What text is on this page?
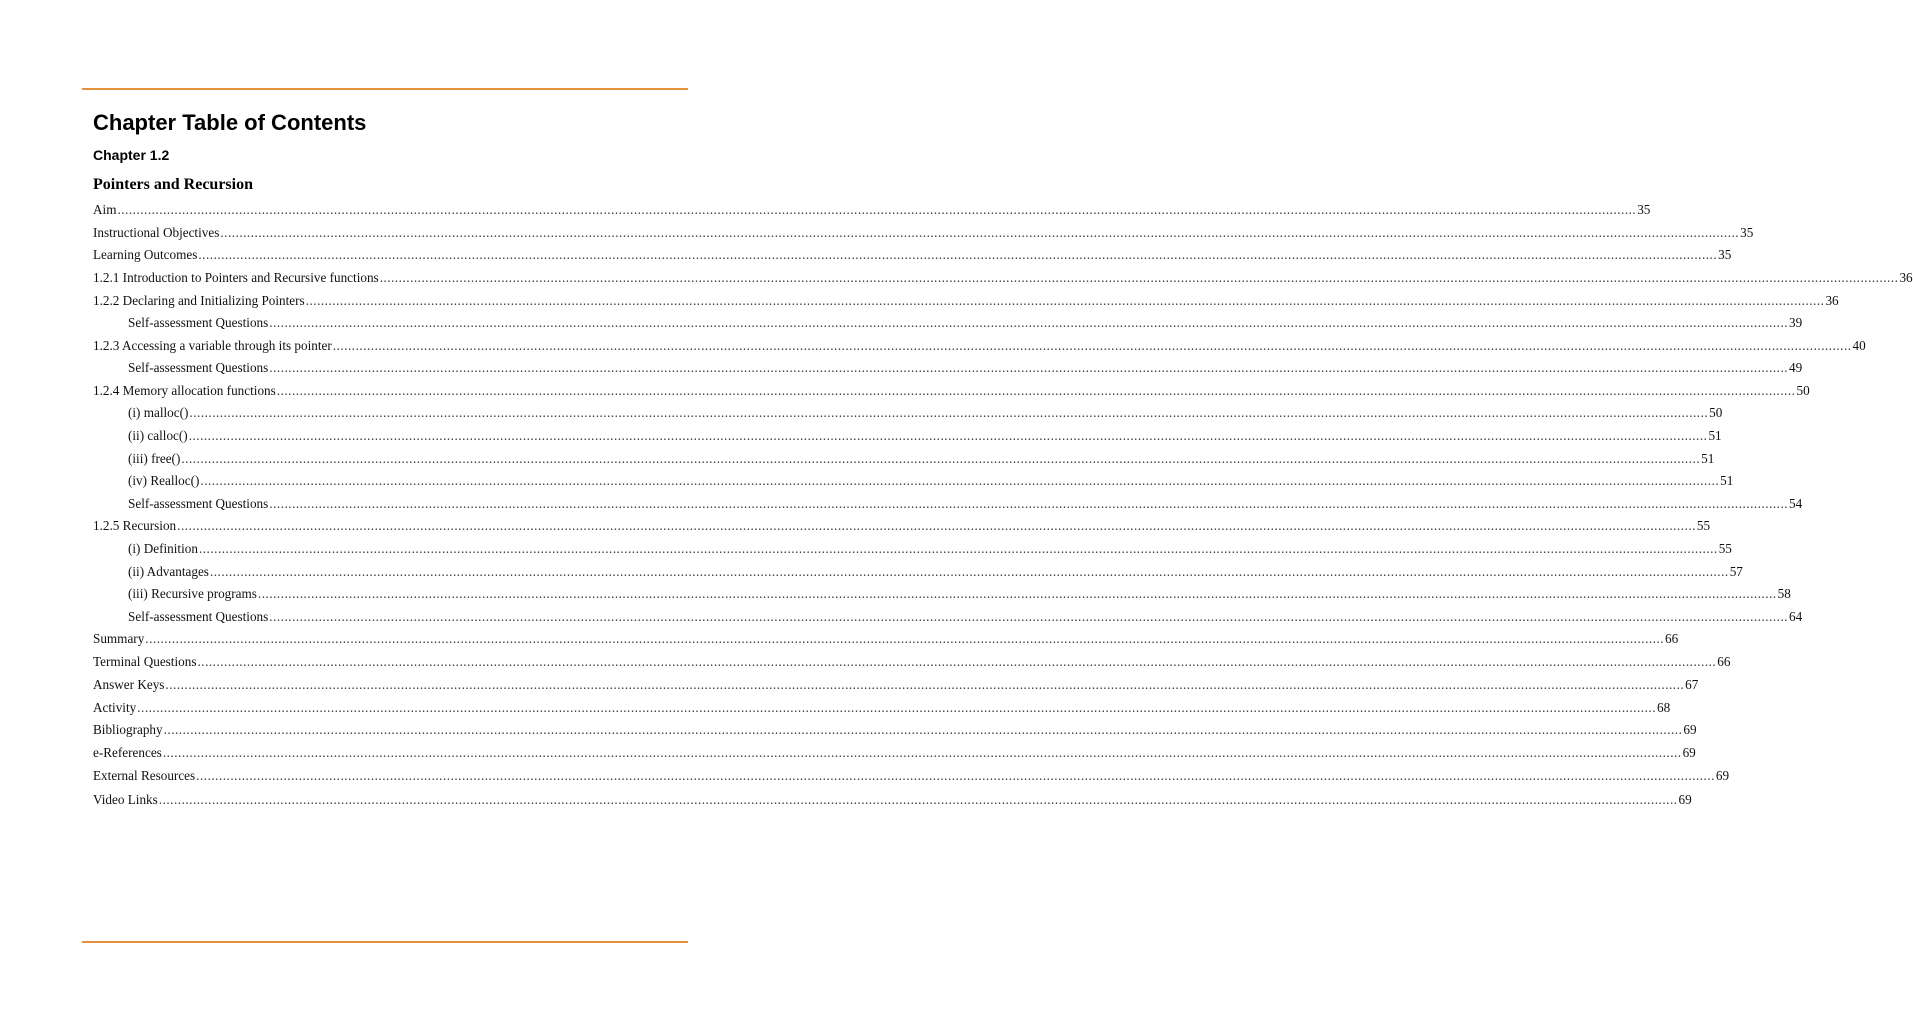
Chapter Table of Contents
Chapter 1.2
Pointers and Recursion
Aim ................................................................................................................................................................................................................................................................................................................................................................................................................ 35
Instructional Objectives ................................................................................................................................................................................................................................................................................................................................................................................................................ 35
Learning Outcomes ................................................................................................................................................................................................................................................................................................................................................................................................................ 35
1.2.1 Introduction to Pointers and Recursive functions ................................................................................................................................................................................................................................................................................................................................................................................................................ 36
1.2.2 Declaring and Initializing Pointers ................................................................................................................................................................................................................................................................................................................................................................................................................ 36
Self-assessment Questions ................................................................................................................................................................................................................................................................................................................................................................................................................ 39
1.2.3 Accessing a variable through its pointer ................................................................................................................................................................................................................................................................................................................................................................................................................ 40
Self-assessment Questions ................................................................................................................................................................................................................................................................................................................................................................................................................ 49
1.2.4 Memory allocation functions ................................................................................................................................................................................................................................................................................................................................................................................................................ 50
(i) malloc() ................................................................................................................................................................................................................................................................................................................................................................................................................ 50
(ii) calloc() ................................................................................................................................................................................................................................................................................................................................................................................................................ 51
(iii) free() ................................................................................................................................................................................................................................................................................................................................................................................................................ 51
(iv) Realloc() ................................................................................................................................................................................................................................................................................................................................................................................................................ 51
Self-assessment Questions ................................................................................................................................................................................................................................................................................................................................................................................................................ 54
1.2.5 Recursion ................................................................................................................................................................................................................................................................................................................................................................................................................ 55
(i) Definition ................................................................................................................................................................................................................................................................................................................................................................................................................ 55
(ii) Advantages ................................................................................................................................................................................................................................................................................................................................................................................................................ 57
(iii) Recursive programs ................................................................................................................................................................................................................................................................................................................................................................................................................ 58
Self-assessment Questions ................................................................................................................................................................................................................................................................................................................................................................................................................ 64
Summary ................................................................................................................................................................................................................................................................................................................................................................................................................ 66
Terminal Questions ................................................................................................................................................................................................................................................................................................................................................................................................................ 66
Answer Keys ................................................................................................................................................................................................................................................................................................................................................................................................................ 67
Activity ................................................................................................................................................................................................................................................................................................................................................................................................................ 68
Bibliography ................................................................................................................................................................................................................................................................................................................................................................................................................ 69
e-References ................................................................................................................................................................................................................................................................................................................................................................................................................ 69
External Resources ................................................................................................................................................................................................................................................................................................................................................................................................................ 69
Video Links ................................................................................................................................................................................................................................................................................................................................................................................................................ 69
